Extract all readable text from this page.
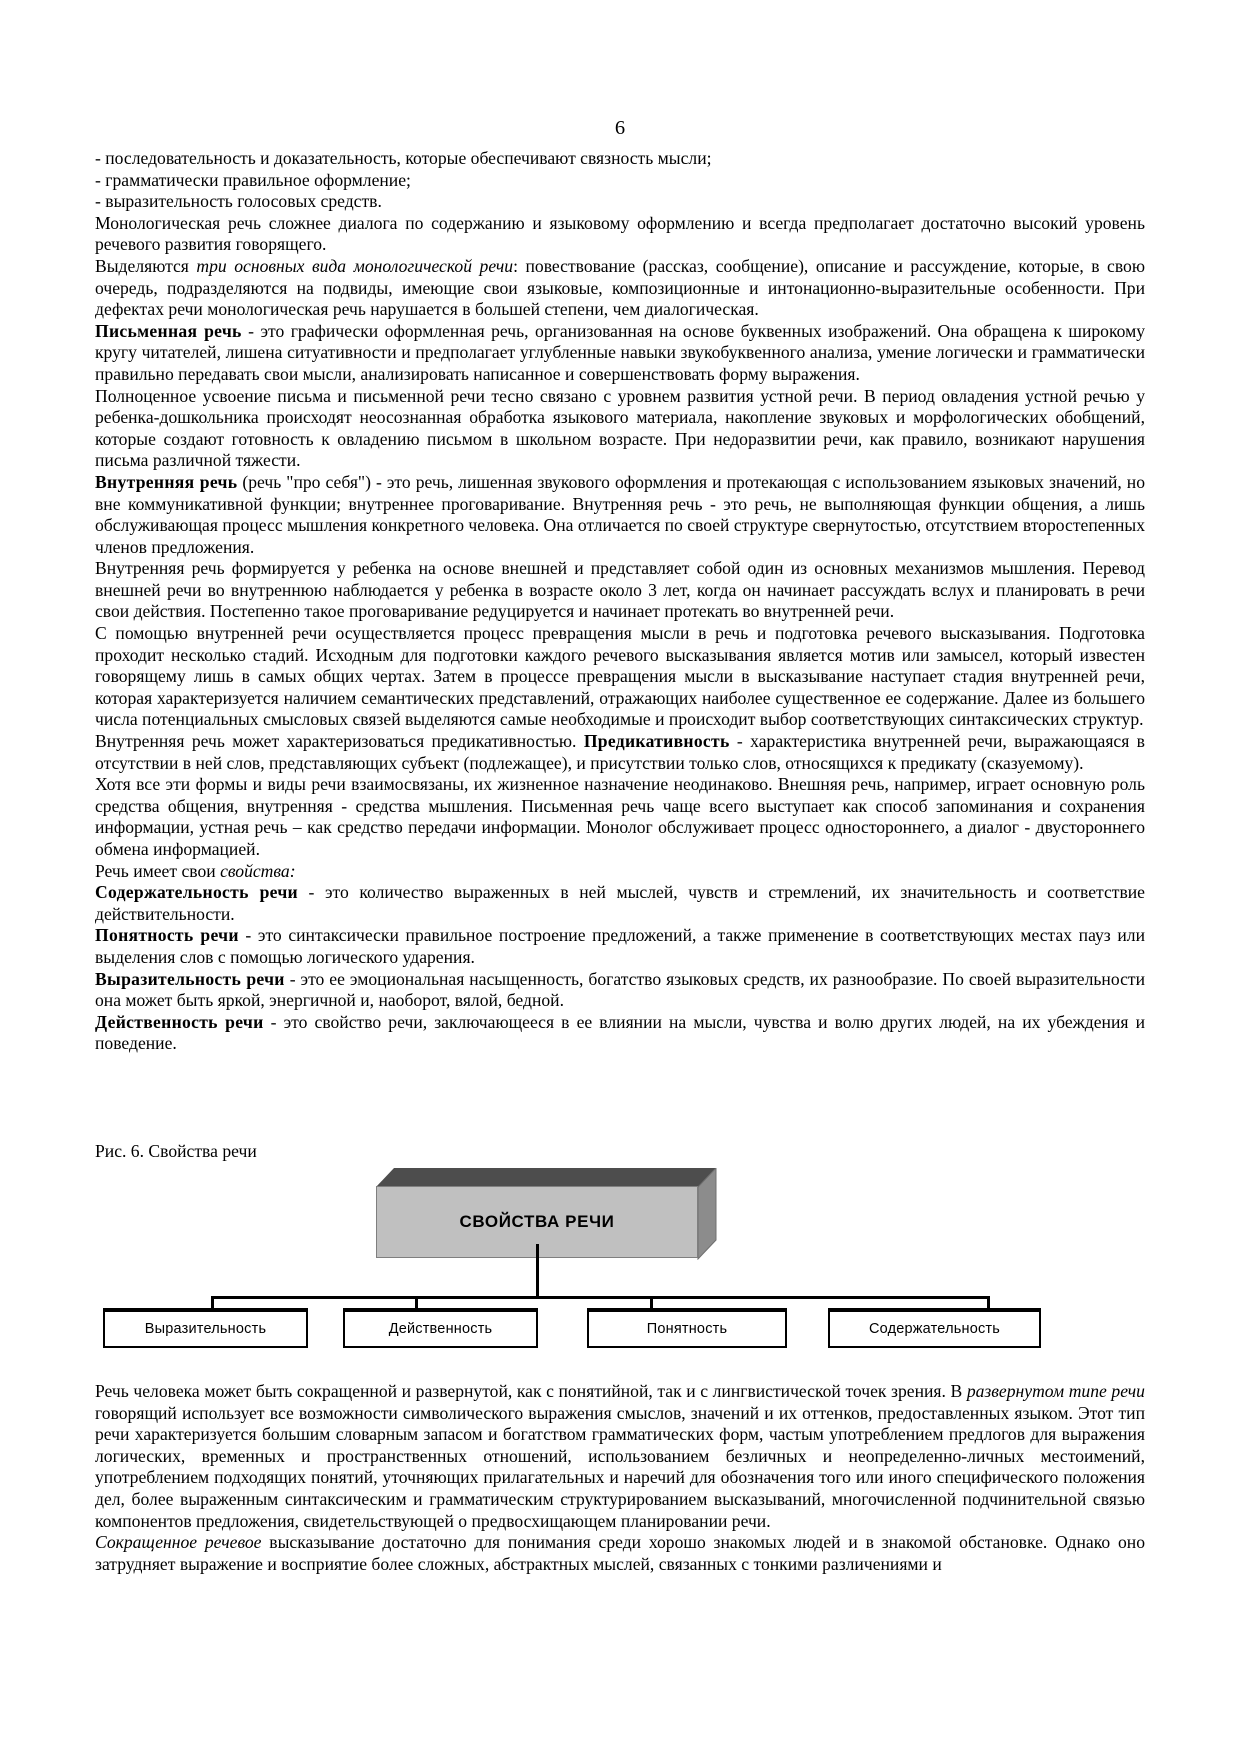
6

- последовательность и доказательность, которые обеспечивают связность мысли;

- грамматически правильное оформление;

- выразительность голосовых средств.

Монологическая речь сложнее диалога по содержанию и языковому оформлению и всегда предполагает достаточно высокий уровень речевого развития говорящего.

Выделяются три основных вида монологической речи: повествование (рассказ, сообщение), описание и рассуждение, которые, в свою очередь, подразделяются на подвиды, имеющие свои языковые, композиционные и интонационно-выразительные особенности. При дефектах речи монологическая речь нарушается в большей степени, чем диалогическая.

Письменная речь - это графически оформленная речь, организованная на основе буквенных изображений. Она обращена к широкому кругу читателей, лишена ситуативности и предполагает углубленные навыки звукобуквенного анализа, умение логически и грамматически правильно передавать свои мысли, анализировать написанное и совершенствовать форму выражения.

Полноценное усвоение письма и письменной речи тесно связано с уровнем развития устной речи. В период овладения устной речью у ребенка-дошкольника происходят неосознанная обработка языкового материала, накопление звуковых и морфологических обобщений, которые создают готовность к овладению письмом в школьном возрасте. При недоразвитии речи, как правило, возникают нарушения письма различной тяжести.

Внутренняя речь (речь "про себя") - это речь, лишенная звукового оформления и протекающая с использованием языковых значений, но вне коммуникативной функции; внутреннее проговаривание. Внутренняя речь - это речь, не выполняющая функции общения, а лишь обслуживающая процесс мышления конкретного человека. Она отличается по своей структуре свернутостью, отсутствием второстепенных членов предложения.

Внутренняя речь формируется у ребенка на основе внешней и представляет собой один из основных механизмов мышления. Перевод внешней речи во внутреннюю наблюдается у ребенка в возрасте около 3 лет, когда он начинает рассуждать вслух и планировать в речи свои действия. Постепенно такое проговаривание редуцируется и начинает протекать во внутренней речи.

С помощью внутренней речи осуществляется процесс превращения мысли в речь и подготовка речевого высказывания. Подготовка проходит несколько стадий. Исходным для подготовки каждого речевого высказывания является мотив или замысел, который известен говорящему лишь в самых общих чертах. Затем в процессе превращения мысли в высказывание наступает стадия внутренней речи, которая характеризуется наличием семантических представлений, отражающих наиболее существенное ее содержание. Далее из большего числа потенциальных смысловых связей выделяются самые необходимые и происходит выбор соответствующих синтаксических структур.

Внутренняя речь может характеризоваться предикативностью. Предикативность - характеристика внутренней речи, выражающаяся в отсутствии в ней слов, представляющих субъект (подлежащее), и присутствии только слов, относящихся к предикату (сказуемому).

Хотя все эти формы и виды речи взаимосвязаны, их жизненное назначение неодинаково. Внешняя речь, например, играет основную роль средства общения, внутренняя - средства мышления. Письменная речь чаще всего выступает как способ запоминания и сохранения информации, устная речь – как средство передачи информации. Монолог обслуживает процесс одностороннего, а диалог - двустороннего обмена информацией.

Речь имеет свои свойства:

Содержательность речи - это количество выраженных в ней мыслей, чувств и стремлений, их значительность и соответствие действительности.

Понятность речи - это синтаксически правильное построение предложений, а также применение в соответствующих местах пауз или выделения слов с помощью логического ударения.

Выразительность речи - это ее эмоциональная насыщенность, богатство языковых средств, их разнообразие. По своей выразительности она может быть яркой, энергичной и, наоборот, вялой, бедной.

Действенность речи - это свойство речи, заключающееся в ее влиянии на мысли, чувства и волю других людей, на их убеждения и поведение.

Рис. 6. Свойства речи
СВОЙСТВА РЕЧИ
Выразительность	Действенность	Понятность	Содержательность

Речь человека может быть сокращенной и развернутой, как с понятийной, так и с лингвистической точек зрения. В развернутом типе речи говорящий использует все возможности символического выражения смыслов, значений и их оттенков, предоставленных языком. Этот тип речи характеризуется большим словарным запасом и богатством грамматических форм, частым употреблением предлогов для выражения логических, временных и пространственных отношений, использованием безличных и неопределенно-личных местоимений, употреблением подходящих понятий, уточняющих прилагательных и наречий для обозначения того или иного специфического положения дел, более выраженным синтаксическим и грамматическим структурированием высказываний, многочисленной подчинительной связью компонентов предложения, свидетельствующей о предвосхищающем планировании речи.

Сокращенное речевое высказывание достаточно для понимания среди хорошо знакомых людей и в знакомой обстановке. Однако оно затрудняет выражение и восприятие более сложных, абстрактных мыслей, связанных с тонкими различениями и
